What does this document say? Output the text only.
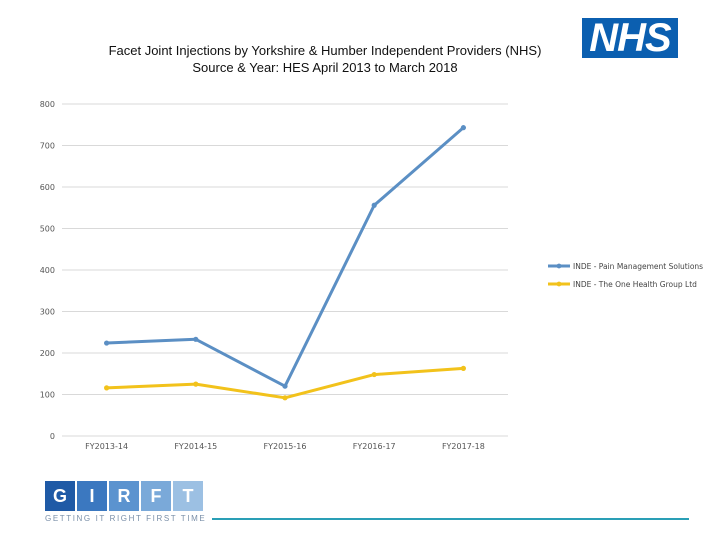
Facet Joint Injections by Yorkshire & Humber Independent Providers (NHS)
Source & Year: HES April 2013 to March 2018
NHS
0
100
200
300
400
500
600
700
800
FY2013-14	FY2014-15	FY2015-16	FY2016-17	FY2017-18
INDE - Pain Management Solutions
INDE - The One Health Group Ltd
G	I	R	F	T
GETTING IT RIGHT FIRST TIME
